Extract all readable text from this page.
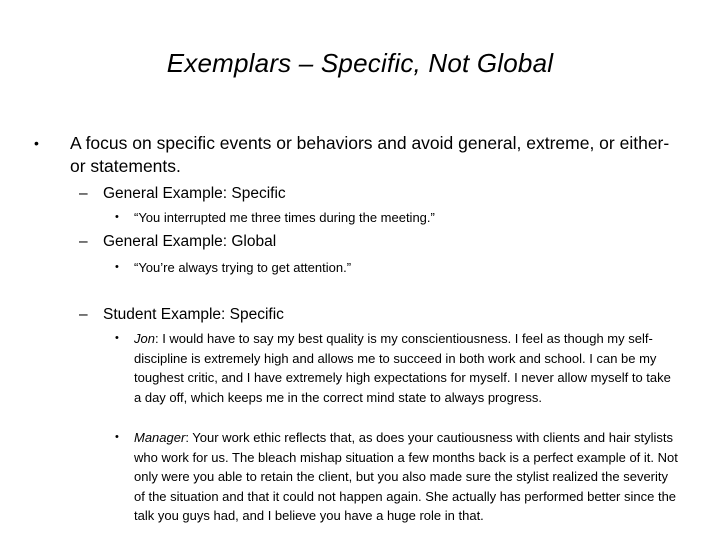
Exemplars – Specific, Not Global
• A focus on specific events or behaviors and avoid general, extreme, or either-or statements.
– General Example: Specific
• “You interrupted me three times during the meeting.”
– General Example: Global
• “You’re always trying to get attention.”
– Student Example: Specific
• Jon: I would have to say my best quality is my conscientiousness. I feel as though my self-discipline is extremely high and allows me to succeed in both work and school. I can be my toughest critic, and I have extremely high expectations for myself. I never allow myself to take a day off, which keeps me in the correct mind state to always progress.
• Manager: Your work ethic reflects that, as does your cautiousness with clients and hair stylists who work for us. The bleach mishap situation a few months back is a perfect example of it. Not only were you able to retain the client, but you also made sure the stylist realized the severity of the situation and that it could not happen again. She actually has performed better since the talk you guys had, and I believe you have a huge role in that.
